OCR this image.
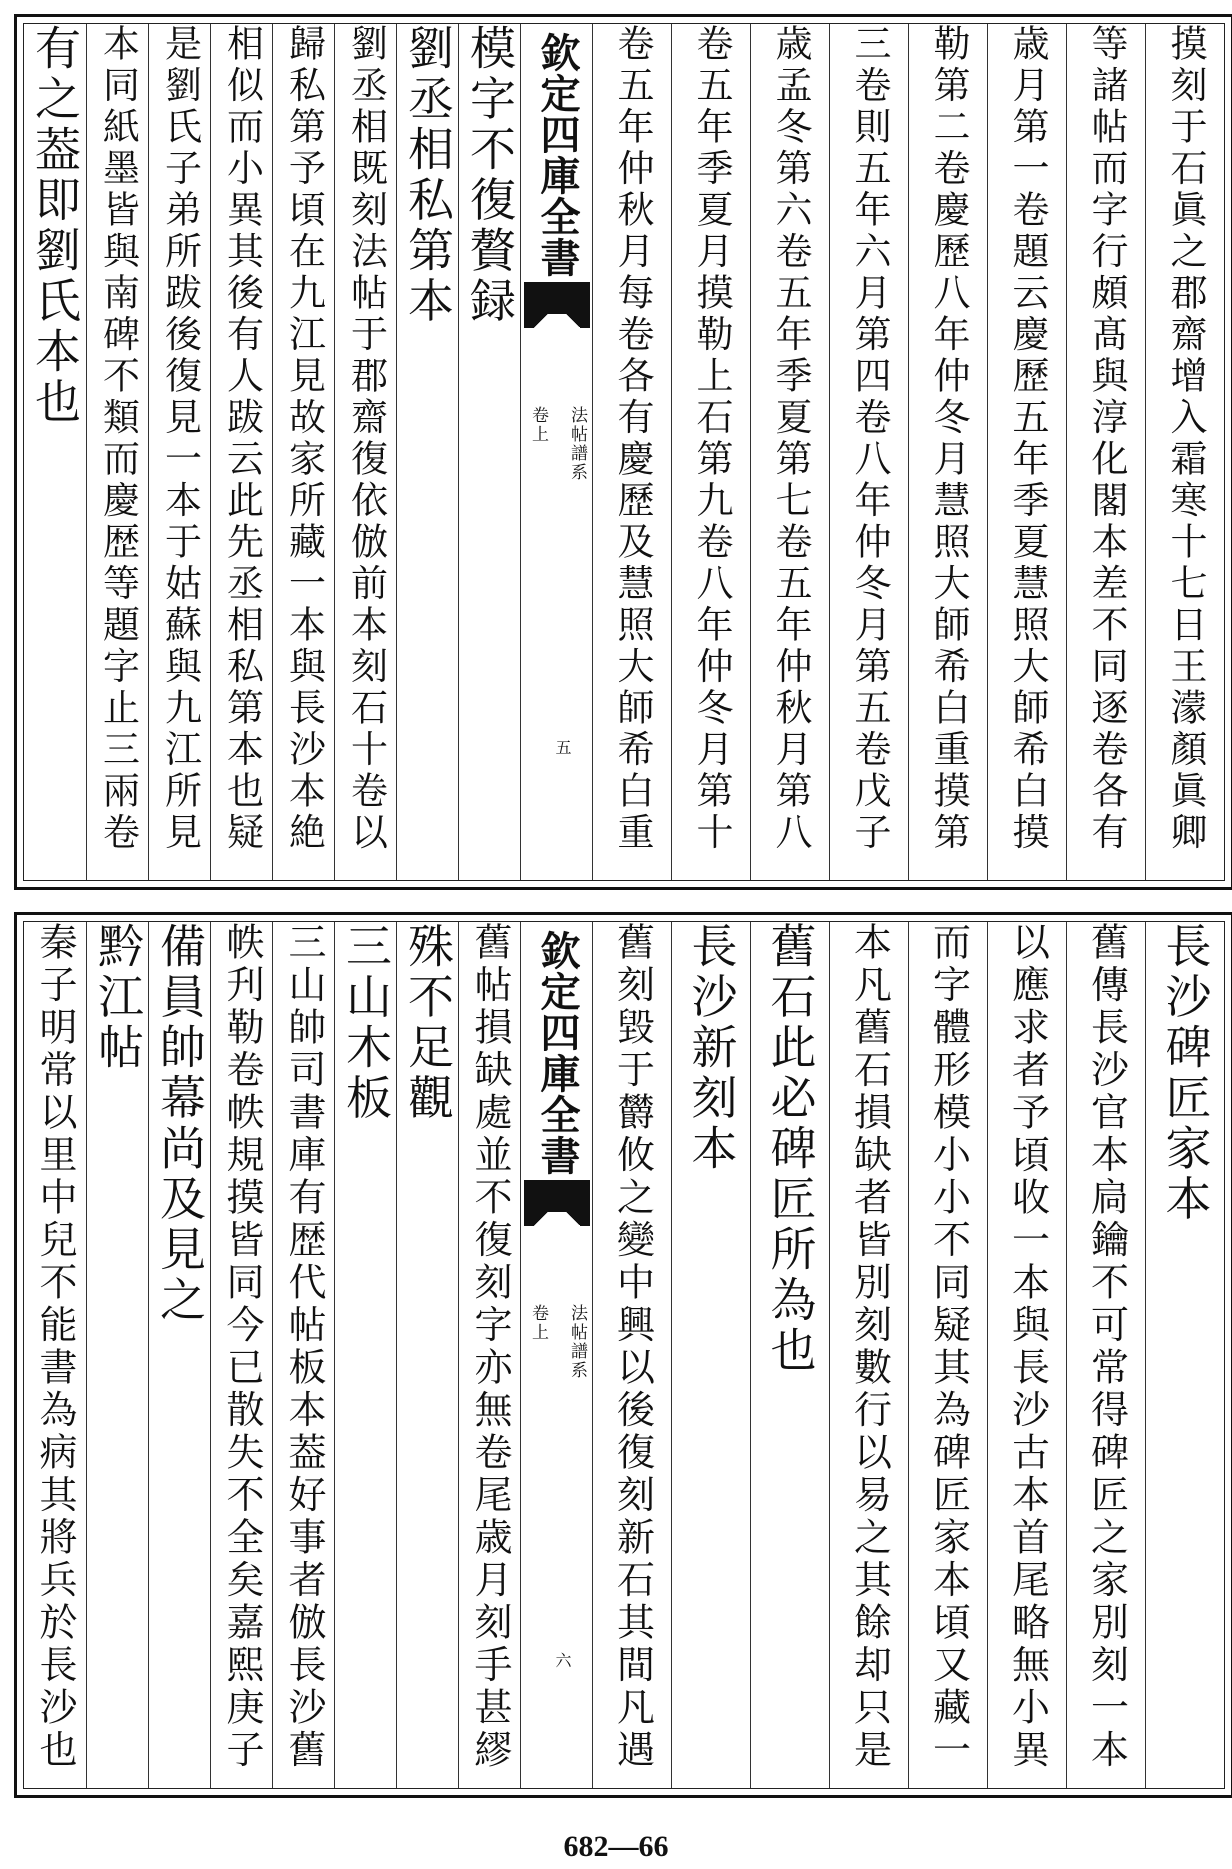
有之葢即劉氏本也 本同紙墨皆與南碑不類而慶歴等題字止三兩卷 是劉氏子弟所跋後復見一本于姑蘇與九江所見 相似而小異其後有人跋云此先丞相私第本也疑 歸私第予頃在九江見故家所藏一本與長沙本絶 劉丞相既刻法帖于郡齋復依倣前本刻石十卷以 劉丞相私第本 模字不復贅録 欽定四庫全書
法帖譜系
卷上
五 卷五年仲秋月每卷各有慶歷及慧照大師希白重 卷五年季夏月摸勒上石第九卷八年仲冬月第十 歳孟冬第六卷五年季夏第七卷五年仲秋月第八 三卷則五年六月第四卷八年仲冬月第五卷戊子 勒第二卷慶歷八年仲冬月慧照大師希白重摸第 歳月第一卷題云慶歷五年季夏慧照大師希白摸 等諸帖而字行頗髙與淳化閣本差不同逐卷各有 摸刻于石眞之郡齋增入霜寒十七日王濛顏眞卿
秦子明常以里中兒不能書為病其將兵於長沙也 黔江帖 備員帥幕尚及見之 帙刋勒卷帙規摸皆同今已散失不全矣嘉熙庚子 三山帥司書庫有歴代帖板本葢好事者倣長沙舊 三山木板 殊不足觀 舊帖損缺處並不復刻字亦無卷尾歳月刻手甚繆 欽定四庫全書
法帖譜系
卷上
六 舊刻毀于欝攸之變中興以後復刻新石其間凡遇 長沙新刻本 舊石此必碑匠所為也 本凡舊石損缺者皆別刻數行以易之其餘却只是 而字體形模小小不同疑其為碑匠家本頃又藏一 以應求者予頃收一本與長沙古本首尾略無小異 舊傳長沙官本扃鑰不可常得碑匠之家別刻一本 長沙碑匠家本
682—66
